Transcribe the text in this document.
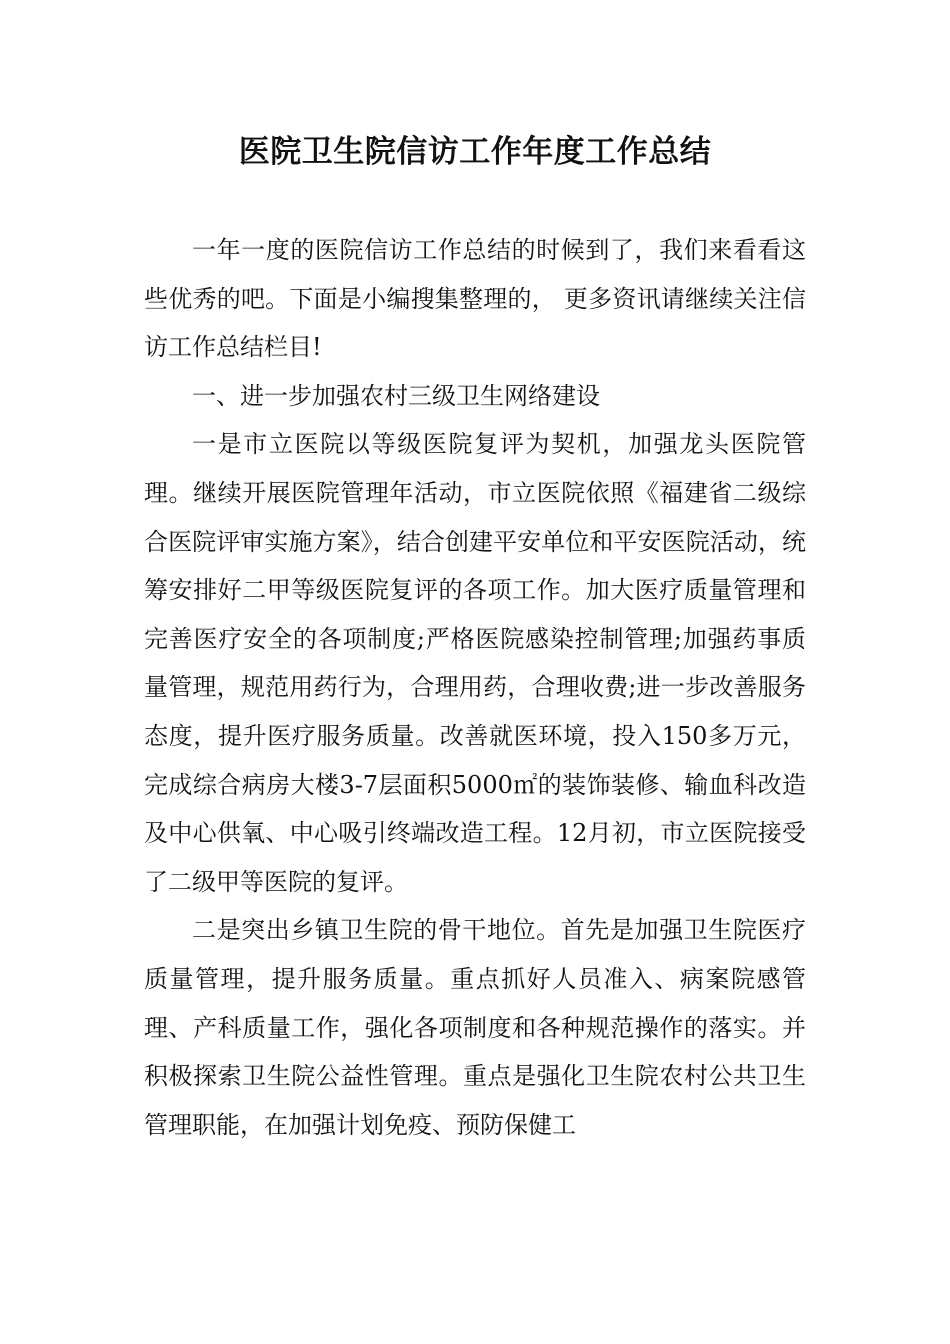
医院卫生院信访工作年度工作总结

一年一度的医院信访工作总结的时候到了，我们来看看这些优秀的吧。下面是小编搜集整理的， 更多资讯请继续关注信访工作总结栏目!

一、进一步加强农村三级卫生网络建设

一是市立医院以等级医院复评为契机，加强龙头医院管理。继续开展医院管理年活动，市立医院依照《福建省二级综合医院评审实施方案》，结合创建平安单位和平安医院活动，统筹安排好二甲等级医院复评的各项工作。加大医疗质量管理和完善医疗安全的各项制度;严格医院感染控制管理;加强药事质量管理，规范用药行为，合理用药，合理收费;进一步改善服务态度，提升医疗服务质量。改善就医环境，投入150多万元，完成综合病房大楼3-7层面积5000㎡的装饰装修、输血科改造及中心供氧、中心吸引终端改造工程。12月初，市立医院接受了二级甲等医院的复评。

二是突出乡镇卫生院的骨干地位。首先是加强卫生院医疗质量管理，提升服务质量。重点抓好人员准入、病案院感管理、产科质量工作，强化各项制度和各种规范操作的落实。并积极探索卫生院公益性管理。重点是强化卫生院农村公共卫生管理职能，在加强计划免疫、预防保健工
